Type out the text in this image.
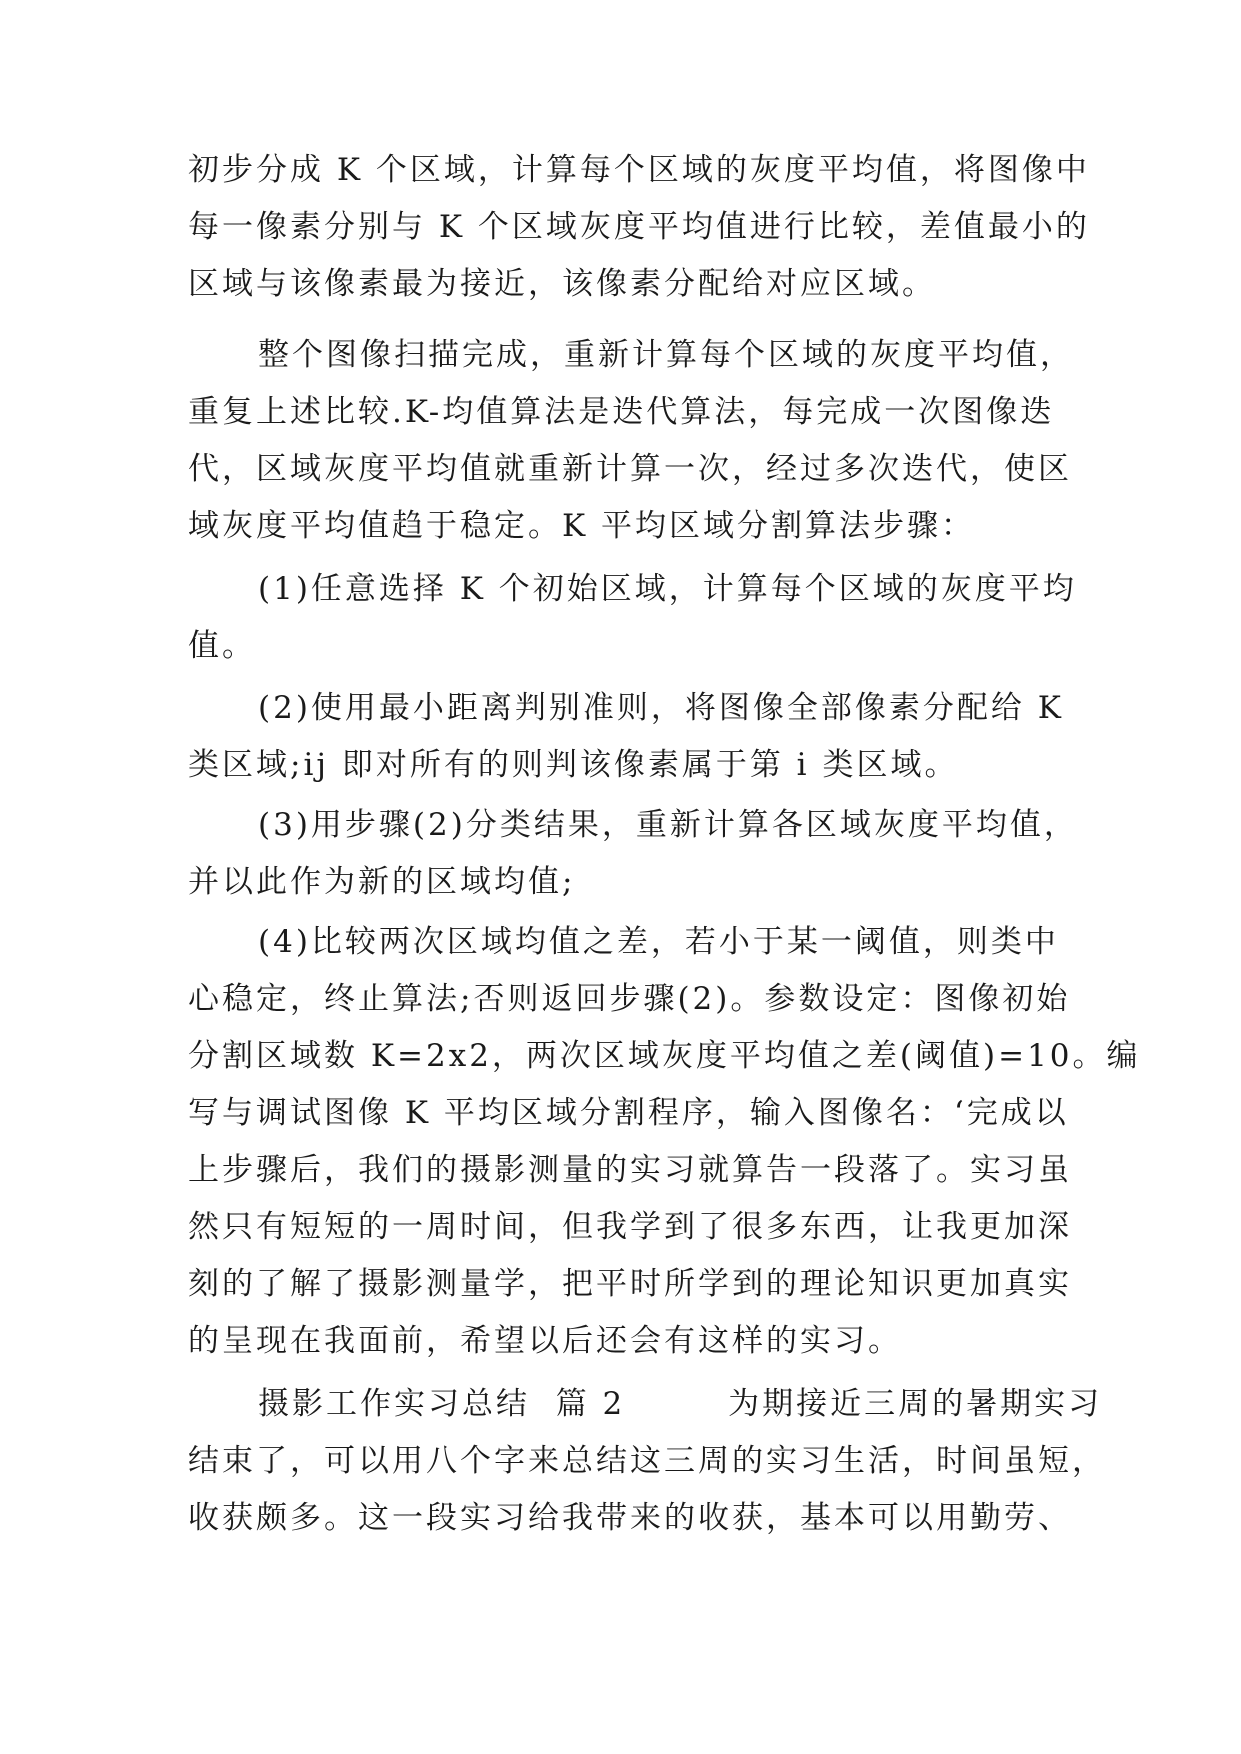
初步分成 K 个区域，计算每个区域的灰度平均值，将图像中
每一像素分别与 K 个区域灰度平均值进行比较，差值最小的
区域与该像素最为接近，该像素分配给对应区域。
整个图像扫描完成，重新计算每个区域的灰度平均值，
重复上述比较.K-均值算法是迭代算法，每完成一次图像迭
代，区域灰度平均值就重新计算一次，经过多次迭代，使区
域灰度平均值趋于稳定。K 平均区域分割算法步骤：
(1)任意选择 K 个初始区域，计算每个区域的灰度平均
值。
(2)使用最小距离判别准则，将图像全部像素分配给 K
类区域;ij 即对所有的则判该像素属于第 i 类区域。
(3)用步骤(2)分类结果，重新计算各区域灰度平均值，
并以此作为新的区域均值;
(4)比较两次区域均值之差，若小于某一阈值，则类中
心稳定，终止算法;否则返回步骤(2)。参数设定：图像初始
分割区域数 K=2x2，两次区域灰度平均值之差(阈值)=10。编
写与调试图像 K 平均区域分割程序，输入图像名：‘完成以
上步骤后，我们的摄影测量的实习就算告一段落了。实习虽
然只有短短的一周时间，但我学到了很多东西，让我更加深
刻的了解了摄影测量学，把平时所学到的理论知识更加真实
的呈现在我面前，希望以后还会有这样的实习。
摄影工作实习总结  篇 2        为期接近三周的暑期实习
结束了，可以用八个字来总结这三周的实习生活，时间虽短，
收获颇多。这一段实习给我带来的收获，基本可以用勤劳、
